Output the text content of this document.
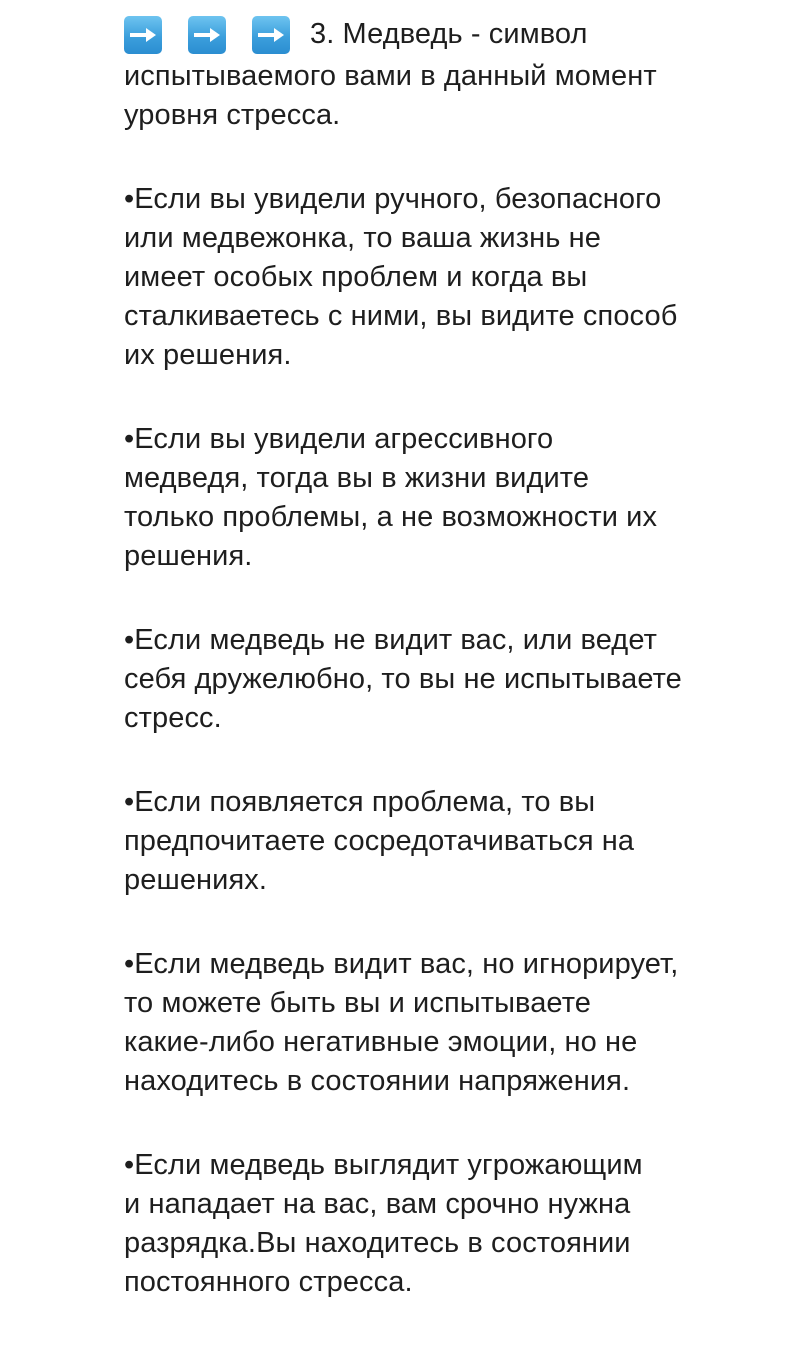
3. Медведь - символ
испытываемого вами в данный момент
уровня стресса.
•Если вы увидели ручного, безопасного
или медвежонка, то ваша жизнь не
имеет особых проблем и когда вы
сталкиваетесь с ними, вы видите способ
их решения.
•Если вы увидели агрессивного
медведя, тогда вы в жизни видите
только проблемы, а не возможности их
решения.
•Если медведь не видит вас, или ведет
себя дружелюбно, то вы не испытываете
стресс.
•Если появляется проблема, то вы
предпочитаете сосредотачиваться на
решениях.
•Если медведь видит вас, но игнорирует,
то можете быть вы и испытываете
какие-либо негативные эмоции, но не
находитесь в состоянии напряжения.
•Если медведь выглядит угрожающим
и нападает на вас, вам срочно нужна
разрядка.Вы находитесь в состоянии
постоянного стресса.
